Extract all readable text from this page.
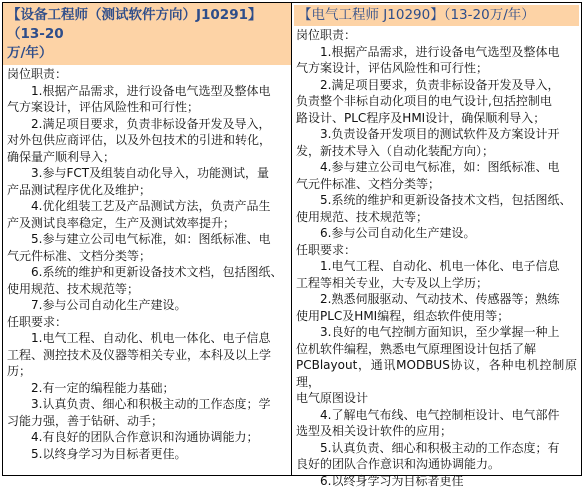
【设备工程师（测试软件方向）J10291】（13-20
万/年）
岗位职责：
1.根据产品需求，进行设备电气选型及整体电
气方案设计，评估风险性和可行性；
2.满足项目要求，负责非标设备开发及导入，
对外包供应商评估，以及外包技术的引进和转化，
确保量产顺利导入；
3.参与FCT及组装自动化导入，功能测试，量
产品测试程序优化及维护；
4.优化组装工艺及产品测试方法，负责产品生
产及测试良率稳定，生产及测试效率提升；
5.参与建立公司电气标准，如：图纸标准、电
气元件标准、文档分类等；
6.系统的维护和更新设备技术文档，包括图纸、
使用规范、技术规范等；
7.参与公司自动化生产建设。
任职要求：
1.电气工程、自动化、机电一体化、电子信息
工程、测控技术及仪器等相关专业，本科及以上学
历；
2.有一定的编程能力基础；
3.认真负责、细心和积极主动的工作态度；学
习能力强，善于钻研、动手；
4.有良好的团队合作意识和沟通协调能力；
5.以终身学习为目标者更佳。
【电气工程师 J10290】（13-20万/年）
岗位职责：
1.根据产品需求，进行设备电气选型及整体电
气方案设计，评估风险性和可行性；
2.满足项目要求，负责非标设备开发及导入，
负责整个非标自动化项目的电气设计,包括控制电
路设计、PLC程序及HMI设计，确保顺利导入；
3.负责设备开发项目的测试软件及方案设计开
发，新技术导入（自动化装配方向）；
4.参与建立公司电气标准，如：图纸标准、电
气元件标准、文档分类等；
5.系统的维护和更新设备技术文档，包括图纸、
使用规范、技术规范等；
6.参与公司自动化生产建设。
任职要求：
1.电气工程、自动化、机电一体化、电子信息
工程等相关专业，大专及以上学历；
2.熟悉伺服驱动、气动技术、传感器等；熟练
使用PLC及HMI编程，组态软件使用等；
3.良好的电气控制方面知识，至少掌握一种上
位机软件编程，熟悉电气原理图设计包括了解
PCBlayout，通讯MODBUS协议，各种电机控制原理，
电气原图设计
4.了解电气布线、电气控制柜设计、电气部件
选型及相关设计软件的应用；
5.认真负责、细心和积极主动的工作态度；有
良好的团队合作意识和沟通协调能力。
6.以终身学习为目标者更佳
